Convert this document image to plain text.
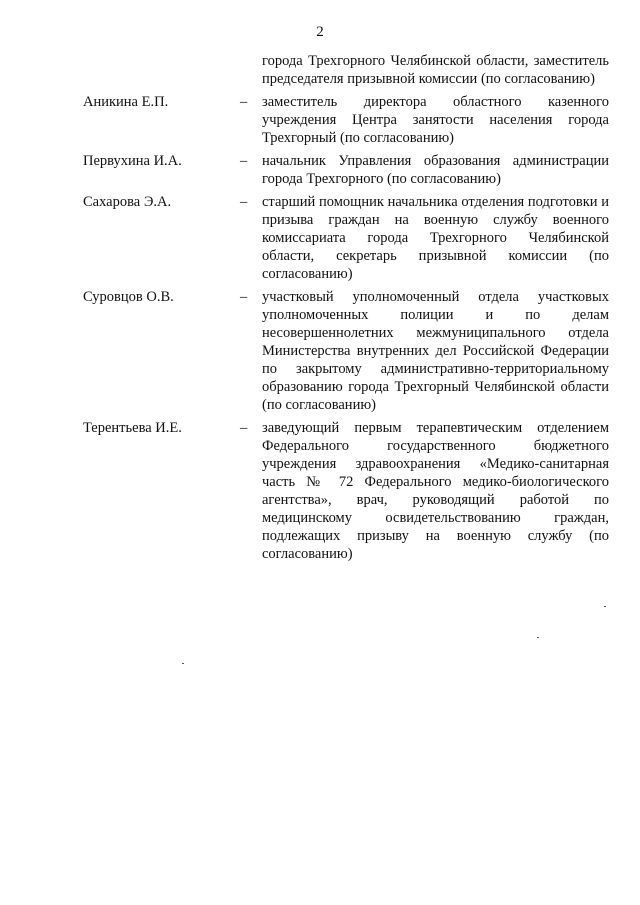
2
города Трехгорного Челябинской области, заместитель председателя призывной комиссии (по согласованию)
Аникина Е.П.	–	заместитель директора областного казенного учреждения Центра занятости населения города Трехгорный (по согласованию)
Первухина И.А.	–	начальник Управления образования администрации города Трехгорного (по согласованию)
Сахарова Э.А.	–	старший помощник начальника отделения подготовки и призыва граждан на военную службу военного комиссариата города Трехгорного Челябинской области, секретарь призывной комиссии (по согласованию)
Суровцов О.В.	–	участковый уполномоченный отдела участковых уполномоченных полиции и по делам несовершеннолетних межмуниципального отдела Министерства внутренних дел Российской Федерации по закрытому административно-территориальному образованию города Трехгорный Челябинской области (по согласованию)
Терентьева И.Е.	–	заведующий первым терапевтическим отделением Федерального государственного бюджетного учреждения здравоохранения «Медико-санитарная часть № 72 Федерального медико-биологического агентства», врач, руководящий работой по медицинскому освидетельствованию граждан, подлежащих призыву на военную службу (по согласованию)
